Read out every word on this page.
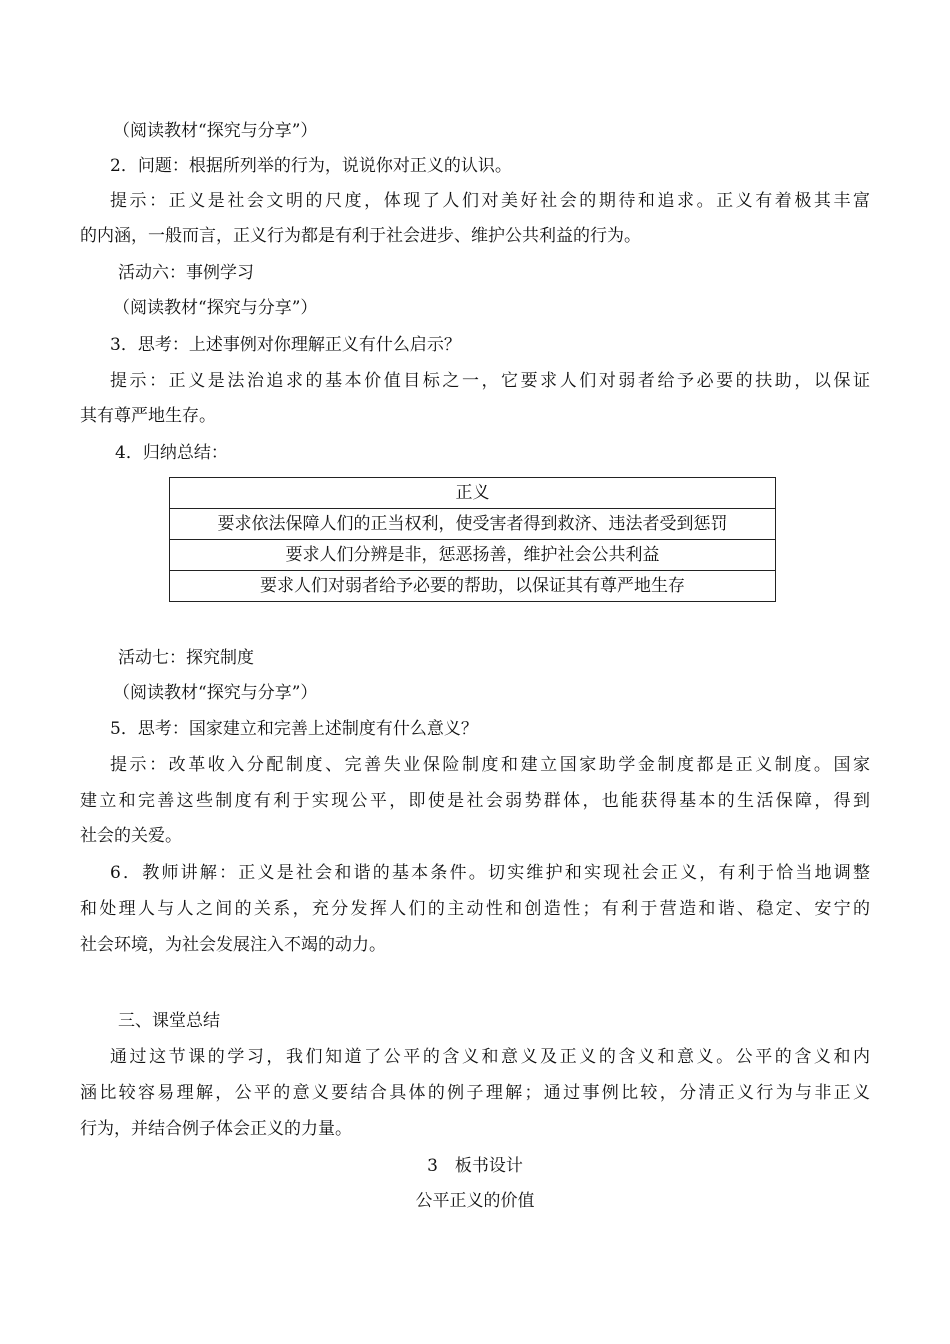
（阅读教材“探究与分享”）
2．问题：根据所列举的行为，说说你对正义的认识。
提示：正义是社会文明的尺度，体现了人们对美好社会的期待和追求。正义有着极其丰富
的内涵，一般而言，正义行为都是有利于社会进步、维护公共利益的行为。
活动六：事例学习
（阅读教材“探究与分享”）
3．思考：上述事例对你理解正义有什么启示？
提示：正义是法治追求的基本价值目标之一，它要求人们对弱者给予必要的扶助，以保证
其有尊严地生存。
4．归纳总结：
正义
要求依法保障人们的正当权利，使受害者得到救济、违法者受到惩罚
要求人们分辨是非，惩恶扬善，维护社会公共利益
要求人们对弱者给予必要的帮助，以保证其有尊严地生存
活动七：探究制度
（阅读教材“探究与分享”）
5．思考：国家建立和完善上述制度有什么意义？
提示：改革收入分配制度、完善失业保险制度和建立国家助学金制度都是正义制度。国家
建立和完善这些制度有利于实现公平，即使是社会弱势群体，也能获得基本的生活保障，得到
社会的关爱。
6．教师讲解：正义是社会和谐的基本条件。切实维护和实现社会正义，有利于恰当地调整
和处理人与人之间的关系，充分发挥人们的主动性和创造性；有利于营造和谐、稳定、安宁的
社会环境，为社会发展注入不竭的动力。
三、课堂总结
通过这节课的学习，我们知道了公平的含义和意义及正义的含义和意义。公平的含义和内
涵比较容易理解，公平的意义要结合具体的例子理解；通过事例比较，分清正义行为与非正义
行为，并结合例子体会正义的力量。
3　板书设计
公平正义的价值
